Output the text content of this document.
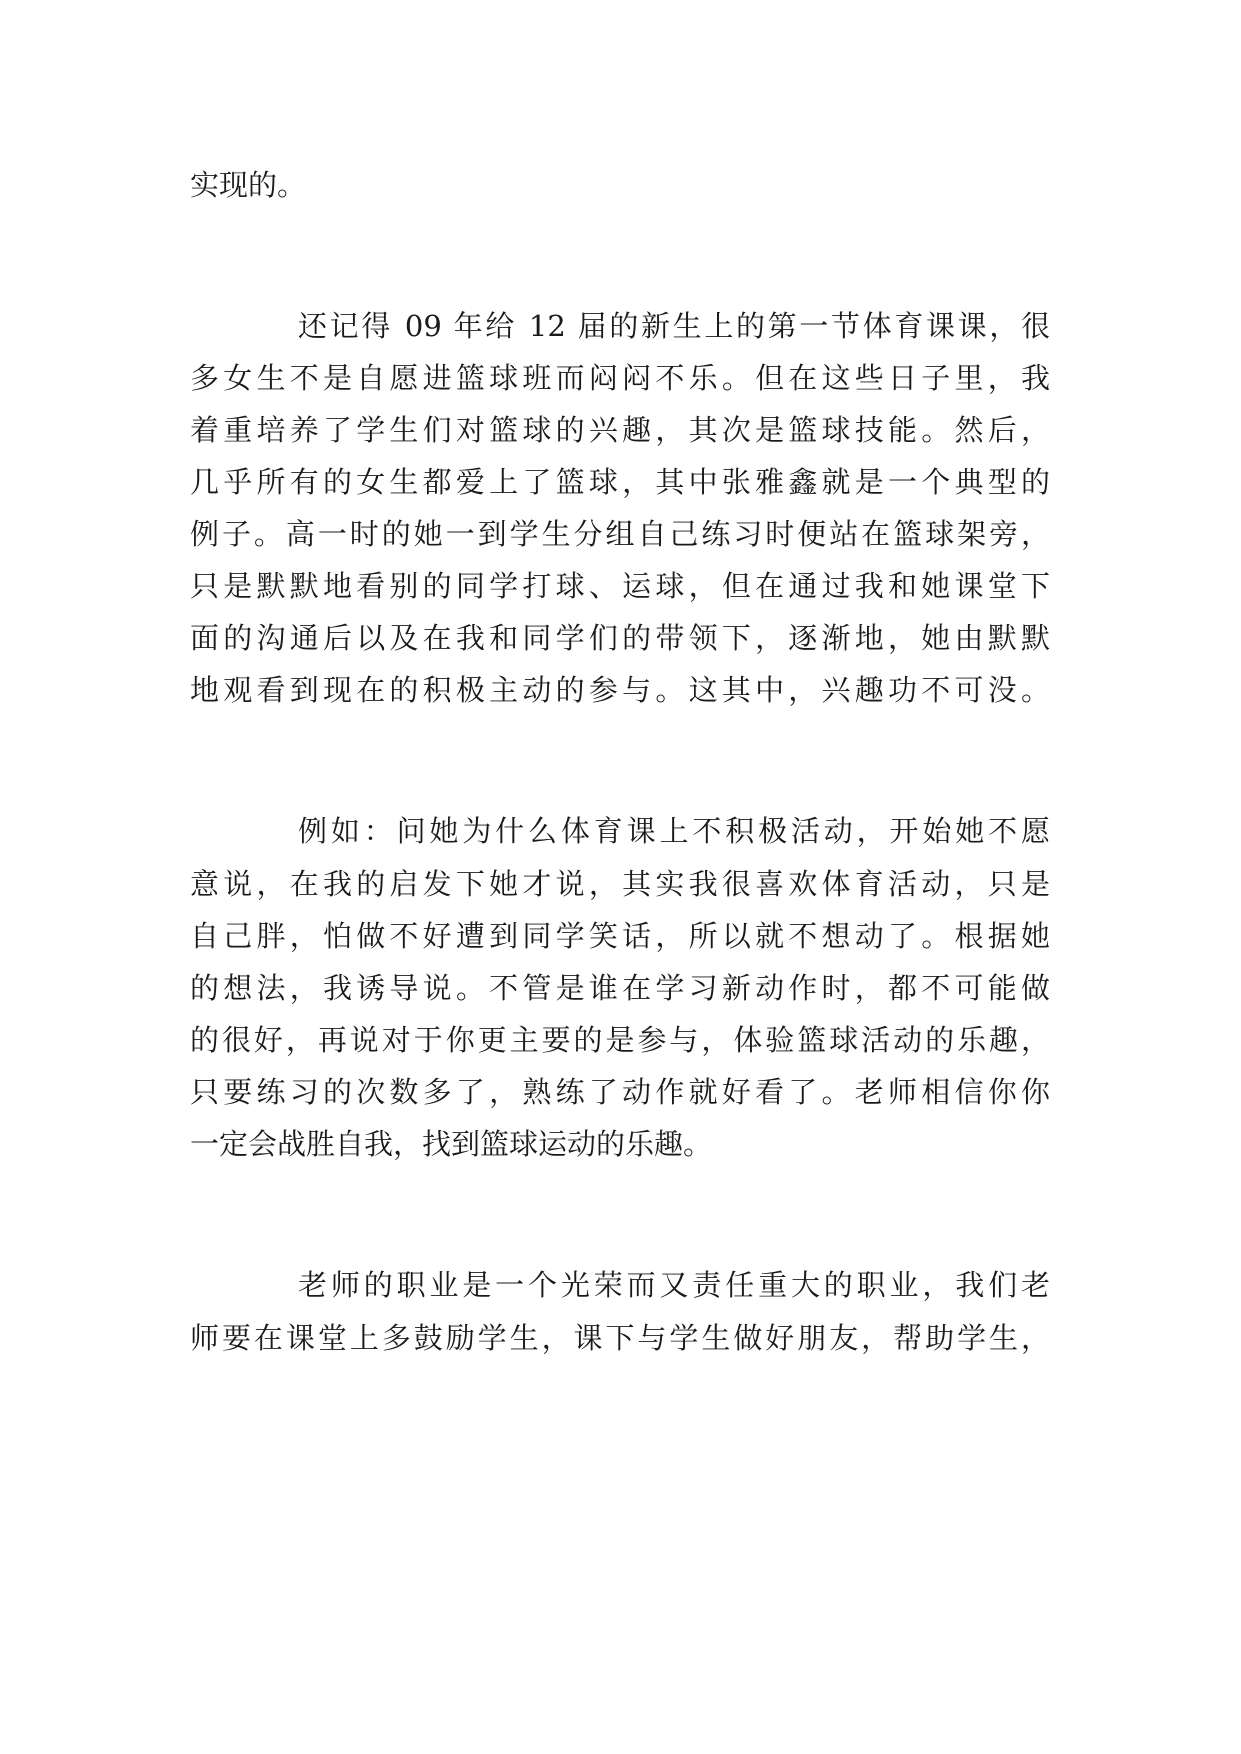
实现的。
还记得 09 年给 12 届的新生上的第一节体育课课，很
多女生不是自愿进篮球班而闷闷不乐。但在这些日子里，我
着重培养了学生们对篮球的兴趣，其次是篮球技能。然后，
几乎所有的女生都爱上了篮球，其中张雅鑫就是一个典型的
例子。高一时的她一到学生分组自己练习时便站在篮球架旁，
只是默默地看别的同学打球、运球，但在通过我和她课堂下
面的沟通后以及在我和同学们的带领下，逐渐地，她由默默
地观看到现在的积极主动的参与。这其中，兴趣功不可没。
例如：问她为什么体育课上不积极活动，开始她不愿
意说，在我的启发下她才说，其实我很喜欢体育活动，只是
自己胖，怕做不好遭到同学笑话，所以就不想动了。根据她
的想法，我诱导说。不管是谁在学习新动作时，都不可能做
的很好，再说对于你更主要的是参与，体验篮球活动的乐趣，
只要练习的次数多了，熟练了动作就好看了。老师相信你你
一定会战胜自我，找到篮球运动的乐趣。
老师的职业是一个光荣而又责任重大的职业，我们老
师要在课堂上多鼓励学生，课下与学生做好朋友，帮助学生，
